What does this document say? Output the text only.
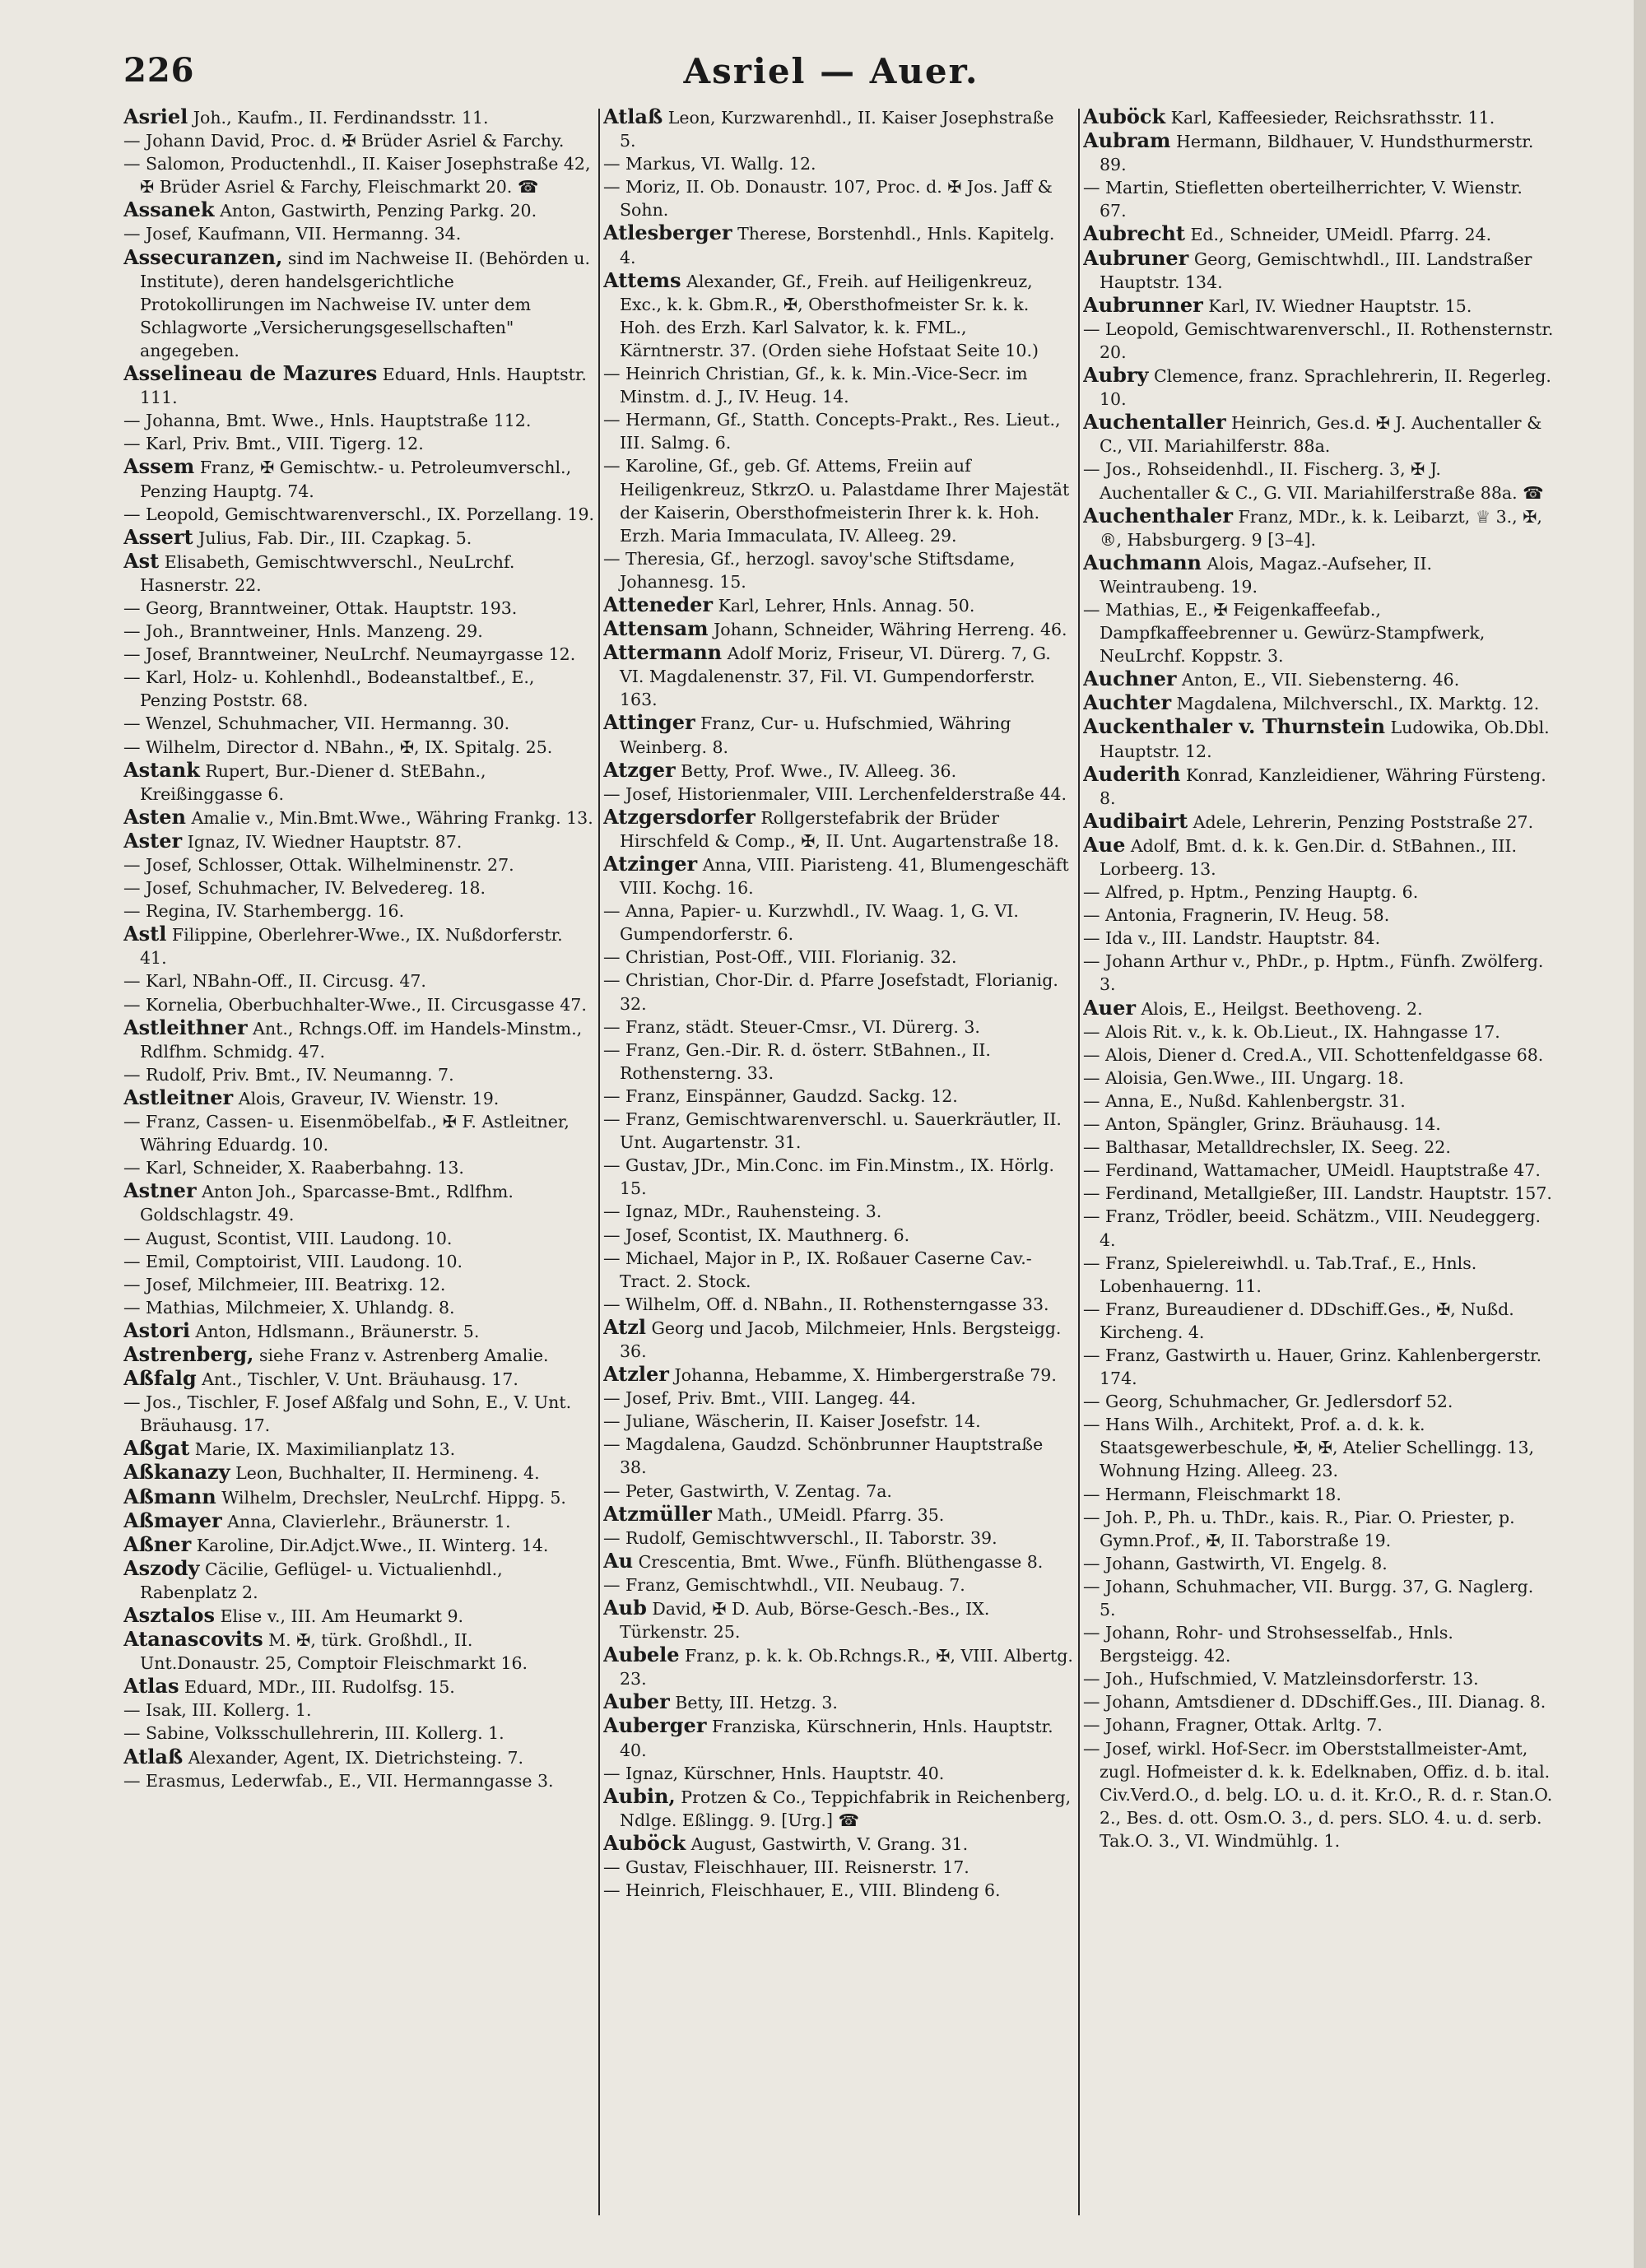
226	Asriel — Auer.

Asriel Joh., Kaufm., II. Ferdinandsstr. 11.

— Johann David, Proc. d. ✠ Brüder Asriel & Farchy.

— Salomon, Productenhdl., II. Kaiser Josephstraße 42, ✠ Brüder Asriel & Farchy, Fleischmarkt 20. ☎

Assanek Anton, Gastwirth, Penzing Parkg. 20.

— Josef, Kaufmann, VII. Hermanng. 34.

Assecuranzen, sind im Nachweise II. (Behörden u. Institute), deren handelsgerichtliche Protokollirungen im Nachweise IV. unter dem Schlagworte „Versicherungsgesellschaften" angegeben.

Asselineau de Mazures Eduard, Hnls. Hauptstr. 111.

— Johanna, Bmt. Wwe., Hnls. Hauptstraße 112.

— Karl, Priv. Bmt., VIII. Tigerg. 12.

Assem Franz, ✠ Gemischtw.- u. Petroleumverschl., Penzing Hauptg. 74.

— Leopold, Gemischtwarenverschl., IX. Porzellang. 19.

Assert Julius, Fab. Dir., III. Czapkag. 5.

Ast Elisabeth, Gemischtwverschl., NeuLrchf. Hasnerstr. 22.

— Georg, Branntweiner, Ottak. Hauptstr. 193.

— Joh., Branntweiner, Hnls. Manzeng. 29.

— Josef, Branntweiner, NeuLrchf. Neumayrgasse 12.

— Karl, Holz- u. Kohlenhdl., Bodeanstaltbef., E., Penzing Poststr. 68.

— Wenzel, Schuhmacher, VII. Hermanng. 30.

— Wilhelm, Director d. NBahn., ✠, IX. Spitalg. 25.

Astank Rupert, Bur.-Diener d. StEBahn., Kreißinggasse 6.

Asten Amalie v., Min.Bmt.Wwe., Währing Frankg. 13.

Aster Ignaz, IV. Wiedner Hauptstr. 87.

— Josef, Schlosser, Ottak. Wilhelminenstr. 27.

— Josef, Schuhmacher, IV. Belvedereg. 18.

— Regina, IV. Starhembergg. 16.

Astl Filippine, Oberlehrer-Wwe., IX. Nußdorferstr. 41.

— Karl, NBahn-Off., II. Circusg. 47.

— Kornelia, Oberbuchhalter-Wwe., II. Circusgasse 47.

Astleithner Ant., Rchngs.Off. im Handels-Minstm., Rdlfhm. Schmidg. 47.

— Rudolf, Priv. Bmt., IV. Neumanng. 7.

Astleitner Alois, Graveur, IV. Wienstr. 19.

— Franz, Cassen- u. Eisenmöbelfab., ✠ F. Astleitner, Währing Eduardg. 10.

— Karl, Schneider, X. Raaberbahng. 13.

Astner Anton Joh., Sparcasse-Bmt., Rdlfhm. Goldschlagstr. 49.

— August, Scontist, VIII. Laudong. 10.

— Emil, Comptoirist, VIII. Laudong. 10.

— Josef, Milchmeier, III. Beatrixg. 12.

— Mathias, Milchmeier, X. Uhlandg. 8.

Astori Anton, Hdlsmann., Bräunerstr. 5.

Astrenberg, siehe Franz v. Astrenberg Amalie.

Aßfalg Ant., Tischler, V. Unt. Bräuhausg. 17.

— Jos., Tischler, F. Josef Aßfalg und Sohn, E., V. Unt. Bräuhausg. 17.

Aßgat Marie, IX. Maximilianplatz 13.

Aßkanazy Leon, Buchhalter, II. Hermineng. 4.

Aßmann Wilhelm, Drechsler, NeuLrchf. Hippg. 5.

Aßmayer Anna, Clavierlehr., Bräunerstr. 1.

Aßner Karoline, Dir.Adjct.Wwe., II. Winterg. 14.

Aszody Cäcilie, Geflügel- u. Victualienhdl., Rabenplatz 2.

Asztalos Elise v., III. Am Heumarkt 9.

Atanascovits M. ✠, türk. Großhdl., II. Unt.Donaustr. 25, Comptoir Fleischmarkt 16.

Atlas Eduard, MDr., III. Rudolfsg. 15.

— Isak, III. Kollerg. 1.

— Sabine, Volksschullehrerin, III. Kollerg. 1.

Atlaß Alexander, Agent, IX. Dietrichsteing. 7.

— Erasmus, Lederwfab., E., VII. Hermanngasse 3.

Atlaß Leon, Kurzwarenhdl., II. Kaiser Josephstraße 5.

— Markus, VI. Wallg. 12.

— Moriz, II. Ob. Donaustr. 107, Proc. d. ✠ Jos. Jaff & Sohn.

Atlesberger Therese, Borstenhdl., Hnls. Kapitelg. 4.

Attems Alexander, Gf., Freih. auf Heiligenkreuz, Exc., k. k. Gbm.R., ✠, Obersthofmeister Sr. k. k. Hoh. des Erzh. Karl Salvator, k. k. FML., Kärntnerstr. 37. (Orden siehe Hofstaat Seite 10.)

— Heinrich Christian, Gf., k. k. Min.-Vice-Secr. im Minstm. d. J., IV. Heug. 14.

— Hermann, Gf., Statth. Concepts-Prakt., Res. Lieut., III. Salmg. 6.

— Karoline, Gf., geb. Gf. Attems, Freiin auf Heiligenkreuz, StkrzO. u. Palastdame Ihrer Majestät der Kaiserin, Obersthofmeisterin Ihrer k. k. Hoh. Erzh. Maria Immaculata, IV. Alleeg. 29.

— Theresia, Gf., herzogl. savoy'sche Stiftsdame, Johannesg. 15.

Atteneder Karl, Lehrer, Hnls. Annag. 50.

Attensam Johann, Schneider, Währing Herreng. 46.

Attermann Adolf Moriz, Friseur, VI. Dürerg. 7, G. VI. Magdalenenstr. 37, Fil. VI. Gumpendorferstr. 163.

Attinger Franz, Cur- u. Hufschmied, Währing Weinberg. 8.

Atzger Betty, Prof. Wwe., IV. Alleeg. 36.

— Josef, Historienmaler, VIII. Lerchenfelderstraße 44.

Atzgersdorfer Rollgerstefabrik der Brüder Hirschfeld & Comp., ✠, II. Unt. Augartenstraße 18.

Atzinger Anna, VIII. Piaristeng. 41, Blumengeschäft VIII. Kochg. 16.

— Anna, Papier- u. Kurzwhdl., IV. Waag. 1, G. VI. Gumpendorferstr. 6.

— Christian, Post-Off., VIII. Florianig. 32.

— Christian, Chor-Dir. d. Pfarre Josefstadt, Florianig. 32.

— Franz, städt. Steuer-Cmsr., VI. Dürerg. 3.

— Franz, Gen.-Dir. R. d. österr. StBahnen., II. Rothensterng. 33.

— Franz, Einspänner, Gaudzd. Sackg. 12.

— Franz, Gemischtwarenverschl. u. Sauerkräutler, II. Unt. Augartenstr. 31.

— Gustav, JDr., Min.Conc. im Fin.Minstm., IX. Hörlg. 15.

— Ignaz, MDr., Rauhensteing. 3.

— Josef, Scontist, IX. Mauthnerg. 6.

— Michael, Major in P., IX. Roßauer Caserne Cav.-Tract. 2. Stock.

— Wilhelm, Off. d. NBahn., II. Rothensterngasse 33.

Atzl Georg und Jacob, Milchmeier, Hnls. Bergsteigg. 36.

Atzler Johanna, Hebamme, X. Himbergerstraße 79.

— Josef, Priv. Bmt., VIII. Langeg. 44.

— Juliane, Wäscherin, II. Kaiser Josefstr. 14.

— Magdalena, Gaudzd. Schönbrunner Hauptstraße 38.

— Peter, Gastwirth, V. Zentag. 7a.

Atzmüller Math., UMeidl. Pfarrg. 35.

— Rudolf, Gemischtwverschl., II. Taborstr. 39.

Au Crescentia, Bmt. Wwe., Fünfh. Blüthengasse 8.

— Franz, Gemischtwhdl., VII. Neubaug. 7.

Aub David, ✠ D. Aub, Börse-Gesch.-Bes., IX. Türkenstr. 25.

Aubele Franz, p. k. k. Ob.Rchngs.R., ✠, VIII. Albertg. 23.

Auber Betty, III. Hetzg. 3.

Auberger Franziska, Kürschnerin, Hnls. Hauptstr. 40.

— Ignaz, Kürschner, Hnls. Hauptstr. 40.

Aubin, Protzen & Co., Teppichfabrik in Reichenberg, Ndlge. Eßlingg. 9. [Urg.] ☎

Auböck August, Gastwirth, V. Grang. 31.

— Gustav, Fleischhauer, III. Reisnerstr. 17.

— Heinrich, Fleischhauer, E., VIII. Blindeng 6.

Auböck Karl, Kaffeesieder, Reichsrathsstr. 11.

Aubram Hermann, Bildhauer, V. Hundsthurmerstr. 89.

— Martin, Stiefletten oberteilherrichter, V. Wienstr. 67.

Aubrecht Ed., Schneider, UMeidl. Pfarrg. 24.

Aubruner Georg, Gemischtwhdl., III. Landstraßer Hauptstr. 134.

Aubrunner Karl, IV. Wiedner Hauptstr. 15.

— Leopold, Gemischtwarenverschl., II. Rothensternstr. 20.

Aubry Clemence, franz. Sprachlehrerin, II. Regerleg. 10.

Auchentaller Heinrich, Ges.d. ✠ J. Auchentaller & C., VII. Mariahilferstr. 88a.

— Jos., Rohseidenhdl., II. Fischerg. 3, ✠ J. Auchentaller & C., G. VII. Mariahilferstraße 88a. ☎

Auchenthaler Franz, MDr., k. k. Leibarzt, ♕ 3., ✠, ®, Habsburgerg. 9 [3–4].

Auchmann Alois, Magaz.-Aufseher, II. Weintraubeng. 19.

— Mathias, E., ✠ Feigenkaffeefab., Dampfkaffeebrenner u. Gewürz-Stampfwerk, NeuLrchf. Koppstr. 3.

Auchner Anton, E., VII. Siebensterng. 46.

Auchter Magdalena, Milchverschl., IX. Marktg. 12.

Auckenthaler v. Thurnstein Ludowika, Ob.Dbl. Hauptstr. 12.

Auderith Konrad, Kanzleidiener, Währing Fürsteng. 8.

Audibairt Adele, Lehrerin, Penzing Poststraße 27.

Aue Adolf, Bmt. d. k. k. Gen.Dir. d. StBahnen., III. Lorbeerg. 13.

— Alfred, p. Hptm., Penzing Hauptg. 6.

— Antonia, Fragnerin, IV. Heug. 58.

— Ida v., III. Landstr. Hauptstr. 84.

— Johann Arthur v., PhDr., p. Hptm., Fünfh. Zwölferg. 3.

Auer Alois, E., Heilgst. Beethoveng. 2.

— Alois Rit. v., k. k. Ob.Lieut., IX. Hahngasse 17.

— Alois, Diener d. Cred.A., VII. Schottenfeldgasse 68.

— Aloisia, Gen.Wwe., III. Ungarg. 18.

— Anna, E., Nußd. Kahlenbergstr. 31.

— Anton, Spängler, Grinz. Bräuhausg. 14.

— Balthasar, Metalldrechsler, IX. Seeg. 22.

— Ferdinand, Wattamacher, UMeidl. Hauptstraße 47.

— Ferdinand, Metallgießer, III. Landstr. Hauptstr. 157.

— Franz, Trödler, beeid. Schätzm., VIII. Neudeggerg. 4.

— Franz, Spielereiwhdl. u. Tab.Traf., E., Hnls. Lobenhauerng. 11.

— Franz, Bureaudiener d. DDschiff.Ges., ✠, Nußd. Kircheng. 4.

— Franz, Gastwirth u. Hauer, Grinz. Kahlenbergerstr. 174.

— Georg, Schuhmacher, Gr. Jedlersdorf 52.

— Hans Wilh., Architekt, Prof. a. d. k. k. Staatsgewerbeschule, ✠, ✠, Atelier Schellingg. 13, Wohnung Hzing. Alleeg. 23.

— Hermann, Fleischmarkt 18.

— Joh. P., Ph. u. ThDr., kais. R., Piar. O. Priester, p. Gymn.Prof., ✠, II. Taborstraße 19.

— Johann, Gastwirth, VI. Engelg. 8.

— Johann, Schuhmacher, VII. Burgg. 37, G. Naglerg. 5.

— Johann, Rohr- und Strohsesselfab., Hnls. Bergsteigg. 42.

— Joh., Hufschmied, V. Matzleinsdorferstr. 13.

— Johann, Amtsdiener d. DDschiff.Ges., III. Dianag. 8.

— Johann, Fragner, Ottak. Arltg. 7.

— Josef, wirkl. Hof-Secr. im Oberststallmeister-Amt, zugl. Hofmeister d. k. k. Edelknaben, Offiz. d. b. ital. Civ.Verd.O., d. belg. LO. u. d. it. Kr.O., R. d. r. Stan.O. 2., Bes. d. ott. Osm.O. 3., d. pers. SLO. 4. u. d. serb. Tak.O. 3., VI. Windmühlg. 1.
